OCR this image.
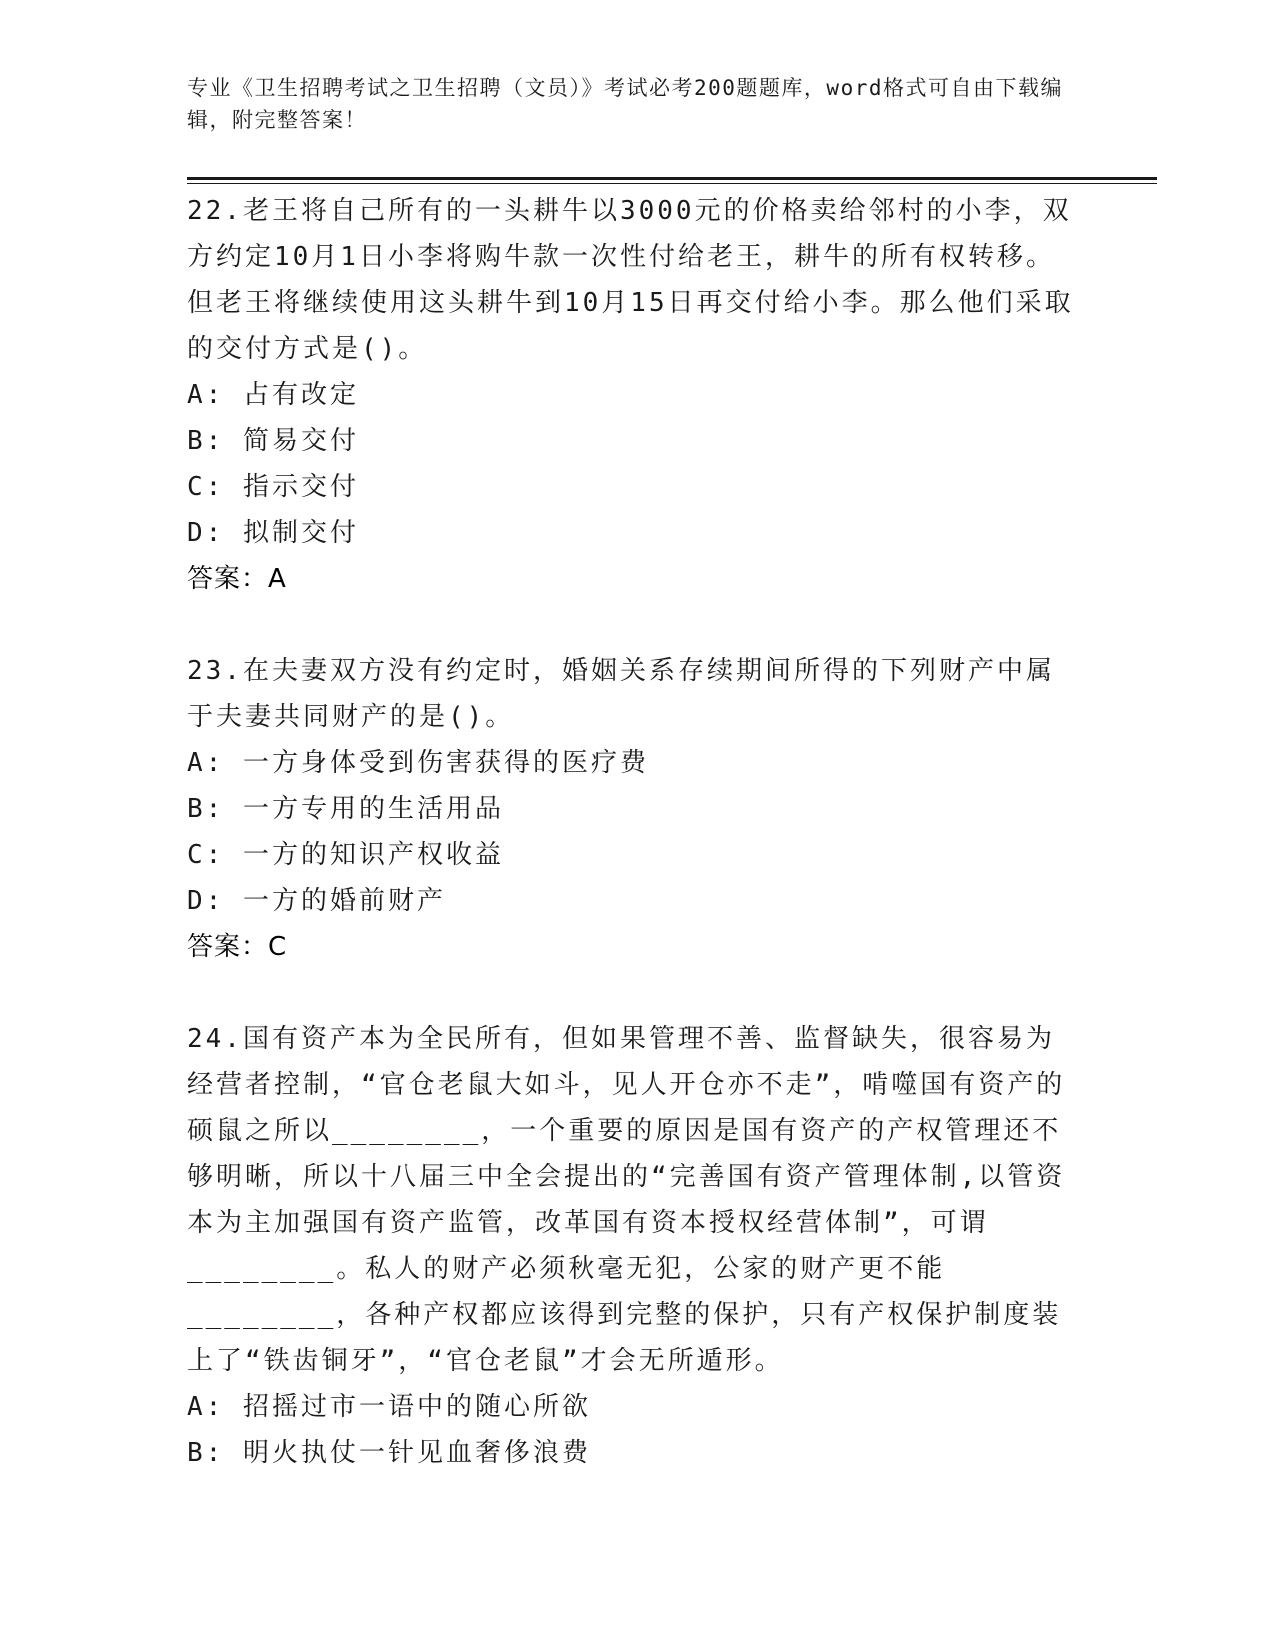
专业《卫生招聘考试之卫生招聘（文员）》考试必考200题题库，word格式可自由下载编辑，附完整答案！
22.老王将自己所有的一头耕牛以3000元的价格卖给邻村的小李，双方约定10月1日小李将购牛款一次性付给老王，耕牛的所有权转移。但老王将继续使用这头耕牛到10月15日再交付给小李。那么他们采取的交付方式是()。
A: 占有改定
B: 简易交付
C: 指示交付
D: 拟制交付
答案：A
23.在夫妻双方没有约定时，婚姻关系存续期间所得的下列财产中属于夫妻共同财产的是()。
A: 一方身体受到伤害获得的医疗费
B: 一方专用的生活用品
C: 一方的知识产权收益
D: 一方的婚前财产
答案：C
24.国有资产本为全民所有，但如果管理不善、监督缺失，很容易为经营者控制，“官仓老鼠大如斗，见人开仓亦不走”，啃噬国有资产的硕鼠之所以________，一个重要的原因是国有资产的产权管理还不够明晰，所以十八届三中全会提出的“完善国有资产管理体制,以管资本为主加强国有资产监管，改革国有资本授权经营体制”，可谓________。私人的财产必须秋毫无犯，公家的财产更不能________，各种产权都应该得到完整的保护，只有产权保护制度装上了“铁齿铜牙”，“官仓老鼠”才会无所遁形。
A: 招摇过市一语中的随心所欲
B: 明火执仗一针见血奢侈浪费
